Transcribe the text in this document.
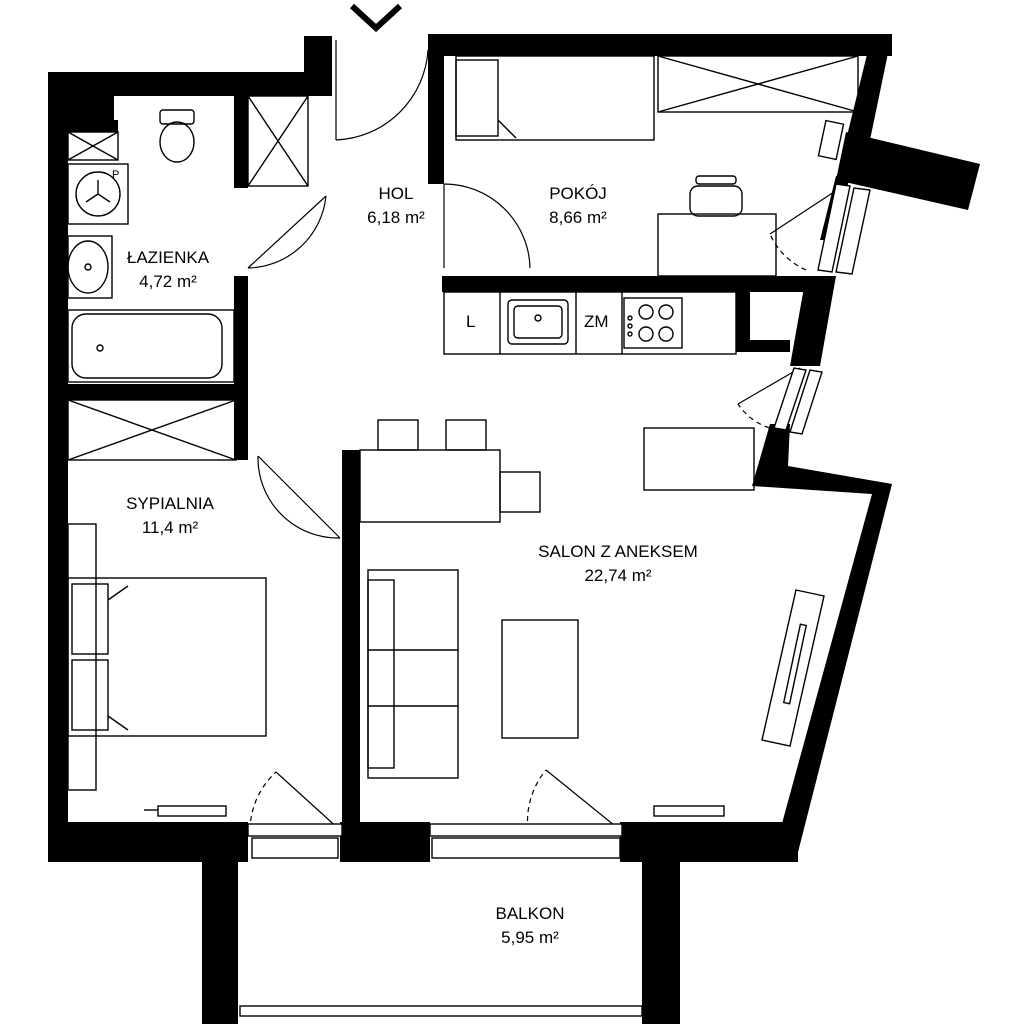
P
HOL
6,18 m²
POKÓJ
8,66 m²
ŁAZIENKA
4,72 m²
SYPIALNIA
11,4 m²
SALON Z ANEKSEM
22,74 m²
BALKON
5,95 m²
L	ZM
